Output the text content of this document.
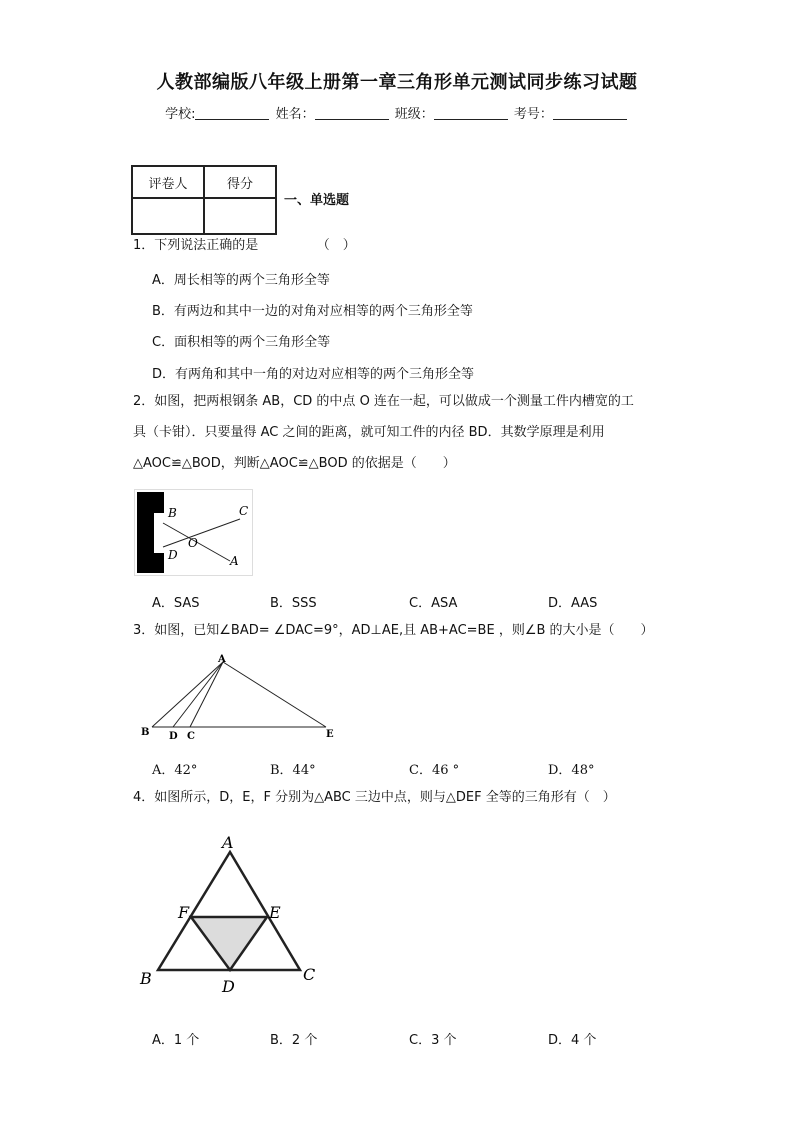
人教部编版八年级上册第一章三角形单元测试同步练习试题
学校:	姓名：	班级：	考号：
评卷人	得分

一、单选题
1．下列说法正确的是　　　　　（　）
A．周长相等的两个三角形全等
B．有两边和其中一边的对角对应相等的两个三角形全等
C．面积相等的两个三角形全等
D．有两角和其中一角的对边对应相等的两个三角形全等
2．如图，把两根钢条 AB，CD 的中点 O 连在一起，可以做成一个测量工件内槽宽的工
具（卡钳）．只要量得 AC 之间的距离，就可知工件的内径 BD．其数学原理是利用
△AOC≌△BOD，判断△AOC≌△BOD 的依据是（　　）
B	C
O
D	A
A．SAS	B．SSS	C．ASA	D．AAS
3．如图，已知∠BAD= ∠DAC=9°，AD⊥AE,且 AB+AC=BE ，则∠B 的大小是（　　）
A
B D C	E
A．42°	B．44°	C．46 °	D．48°
4．如图所示，D，E，F 分别为△ABC 三边中点，则与△DEF 全等的三角形有（　）
A
F	E
B	D
C
A．1 个	B．2 个	C．3 个	D．4 个
